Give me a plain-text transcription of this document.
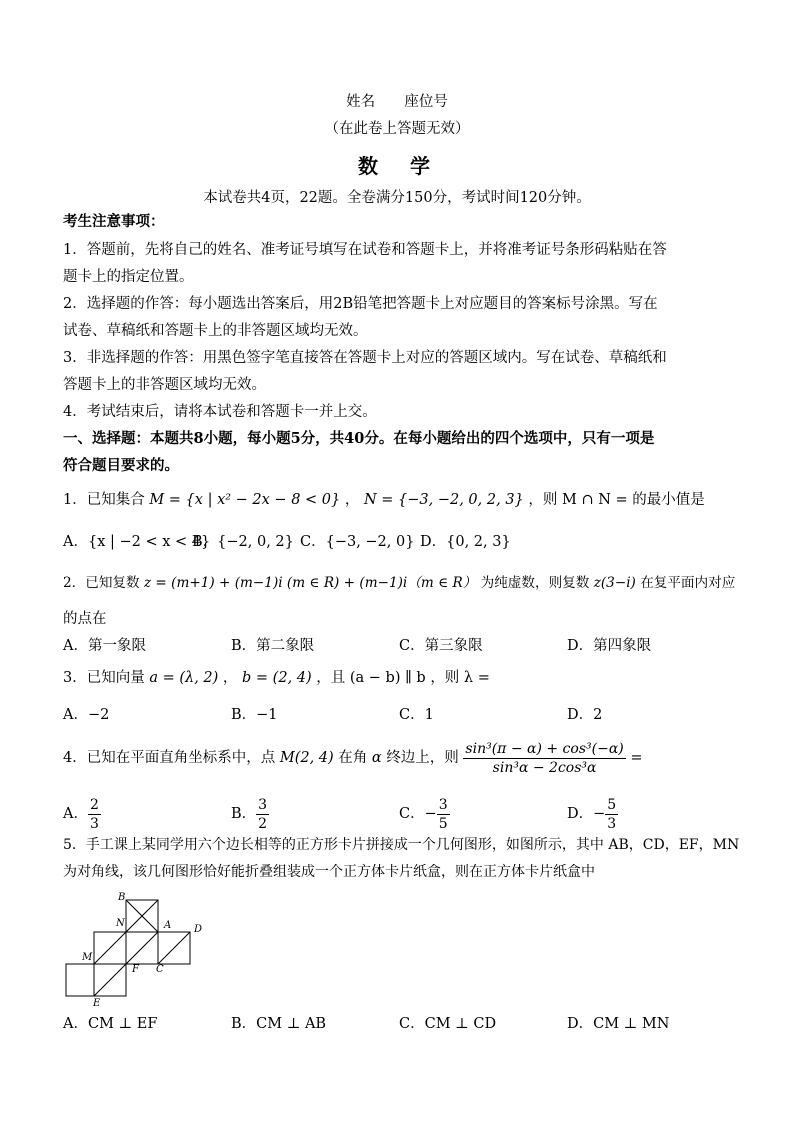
姓名 座位号
（在此卷上答题无效）
数　学
本试卷共4页，22题。全卷满分150分，考试时间120分钟。
考生注意事项：
1．答题前，先将自己的姓名、准考证号填写在试卷和答题卡上，并将准考证号条形码粘贴在答
题卡上的指定位置。
2．选择题的作答：每小题选出答案后，用2B铅笔把答题卡上对应题目的答案标号涂黑。写在
试卷、草稿纸和答题卡上的非答题区域均无效。
3．非选择题的作答：用黑色签字笔直接答在答题卡上对应的答题区域内。写在试卷、草稿纸和
答题卡上的非答题区域均无效。
4．考试结束后，请将本试卷和答题卡一并上交。
一、选择题：本题共8小题，每小题5分，共40分。在每小题给出的四个选项中，只有一项是
符合题目要求的。
1．已知集合 M = {x | x² − 2x − 8 < 0} ， N = {−3, −2, 0, 2, 3} ，则 M ∩ N = 的最小值是
A．{x | −2 < x < 4}
B．{−2, 0, 2} C．{−3, −2, 0} D．{0, 2, 3}
2．已知复数 z = (m+1) + (m−1)i (m ∈ R) + (m−1)i（m ∈ R） 为纯虚数，则复数 z(3−i) 在复平面内对应
的点在
A．第一象限	B．第二象限	C．第三象限	D．第四象限
3．已知向量 a = (λ, 2) ， b = (2, 4) ，且 (a − b) ∥ b ，则 λ =
A．−2	B．−1	C．1	D．2
4．已知在平面直角坐标系中，点 M(2, 4) 在角 α 终边上，则 $\frac{\text{sin³(π − α) + cos³(−α)}}{\text{sin³α − 2cos³α}}$ =
A． $\frac{2}{3}$	B． $\frac{3}{2}$	C．− $\frac{3}{5}$	D．− $\frac{5}{3}$
5．手工课上某同学用六个边长相等的正方形卡片拼接成一个几何图形，如图所示，其中 AB，CD，EF，MN
为对角线，该几何图形恰好能折叠组装成一个正方体卡片纸盒，则在正方体卡片纸盒中
B
N	A D
M
F C
E
A．CM ⊥ EF	B．CM ⊥ AB	C．CM ⊥ CD	D．CM ⊥ MN
